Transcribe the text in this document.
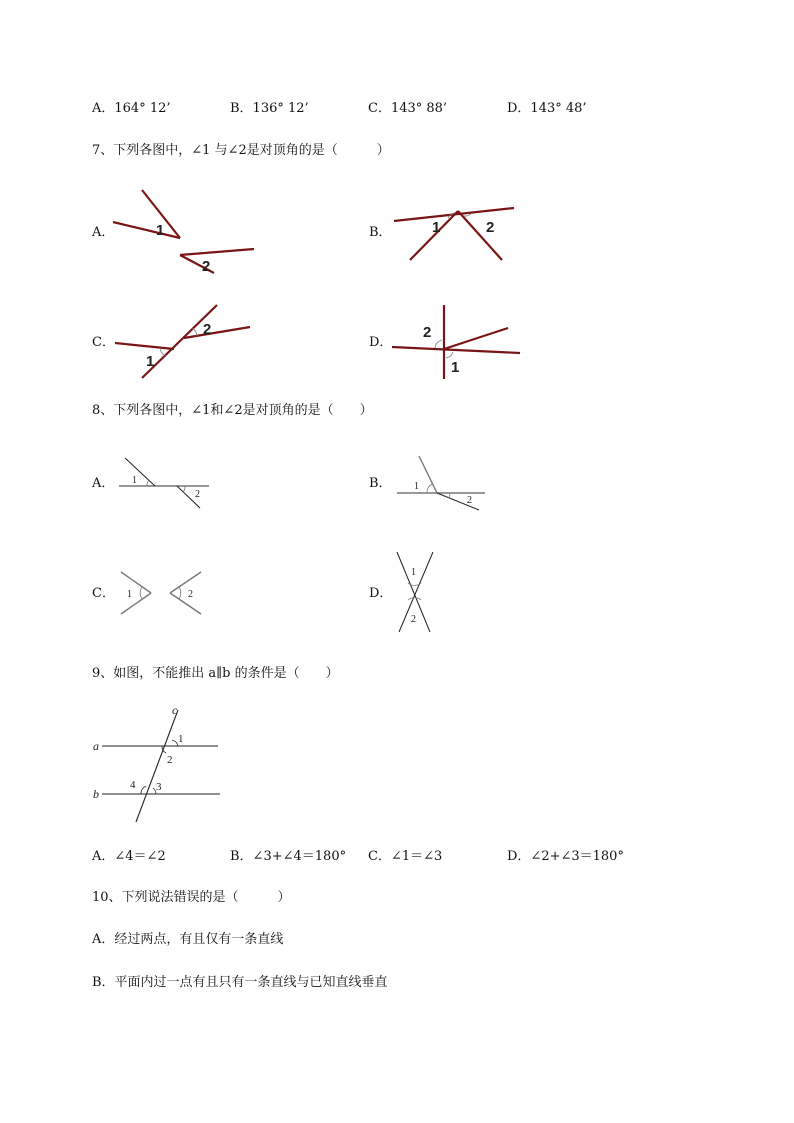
A．164° 12’	B．136° 12’	C．143° 88’	D．143° 48’
7、下列各图中，∠1 与∠2是对顶角的是（　　　）
A．	1
2
B．	1	2
C．
1
2
D．
2
1
8、下列各图中，∠1和∠2是对顶角的是（　　）
A． 1
2
B． 1
2
C． 1	2	D．
1
2
9、如图，不能推出 a∥b 的条件是（　　）
c
a
b
1
2
3
4
A．∠4＝∠2	B．∠3+∠4＝180° C．∠1＝∠3	D．∠2+∠3＝180°
10、下列说法错误的是（　　　）
A．经过两点，有且仅有一条直线
B．平面内过一点有且只有一条直线与已知直线垂直
